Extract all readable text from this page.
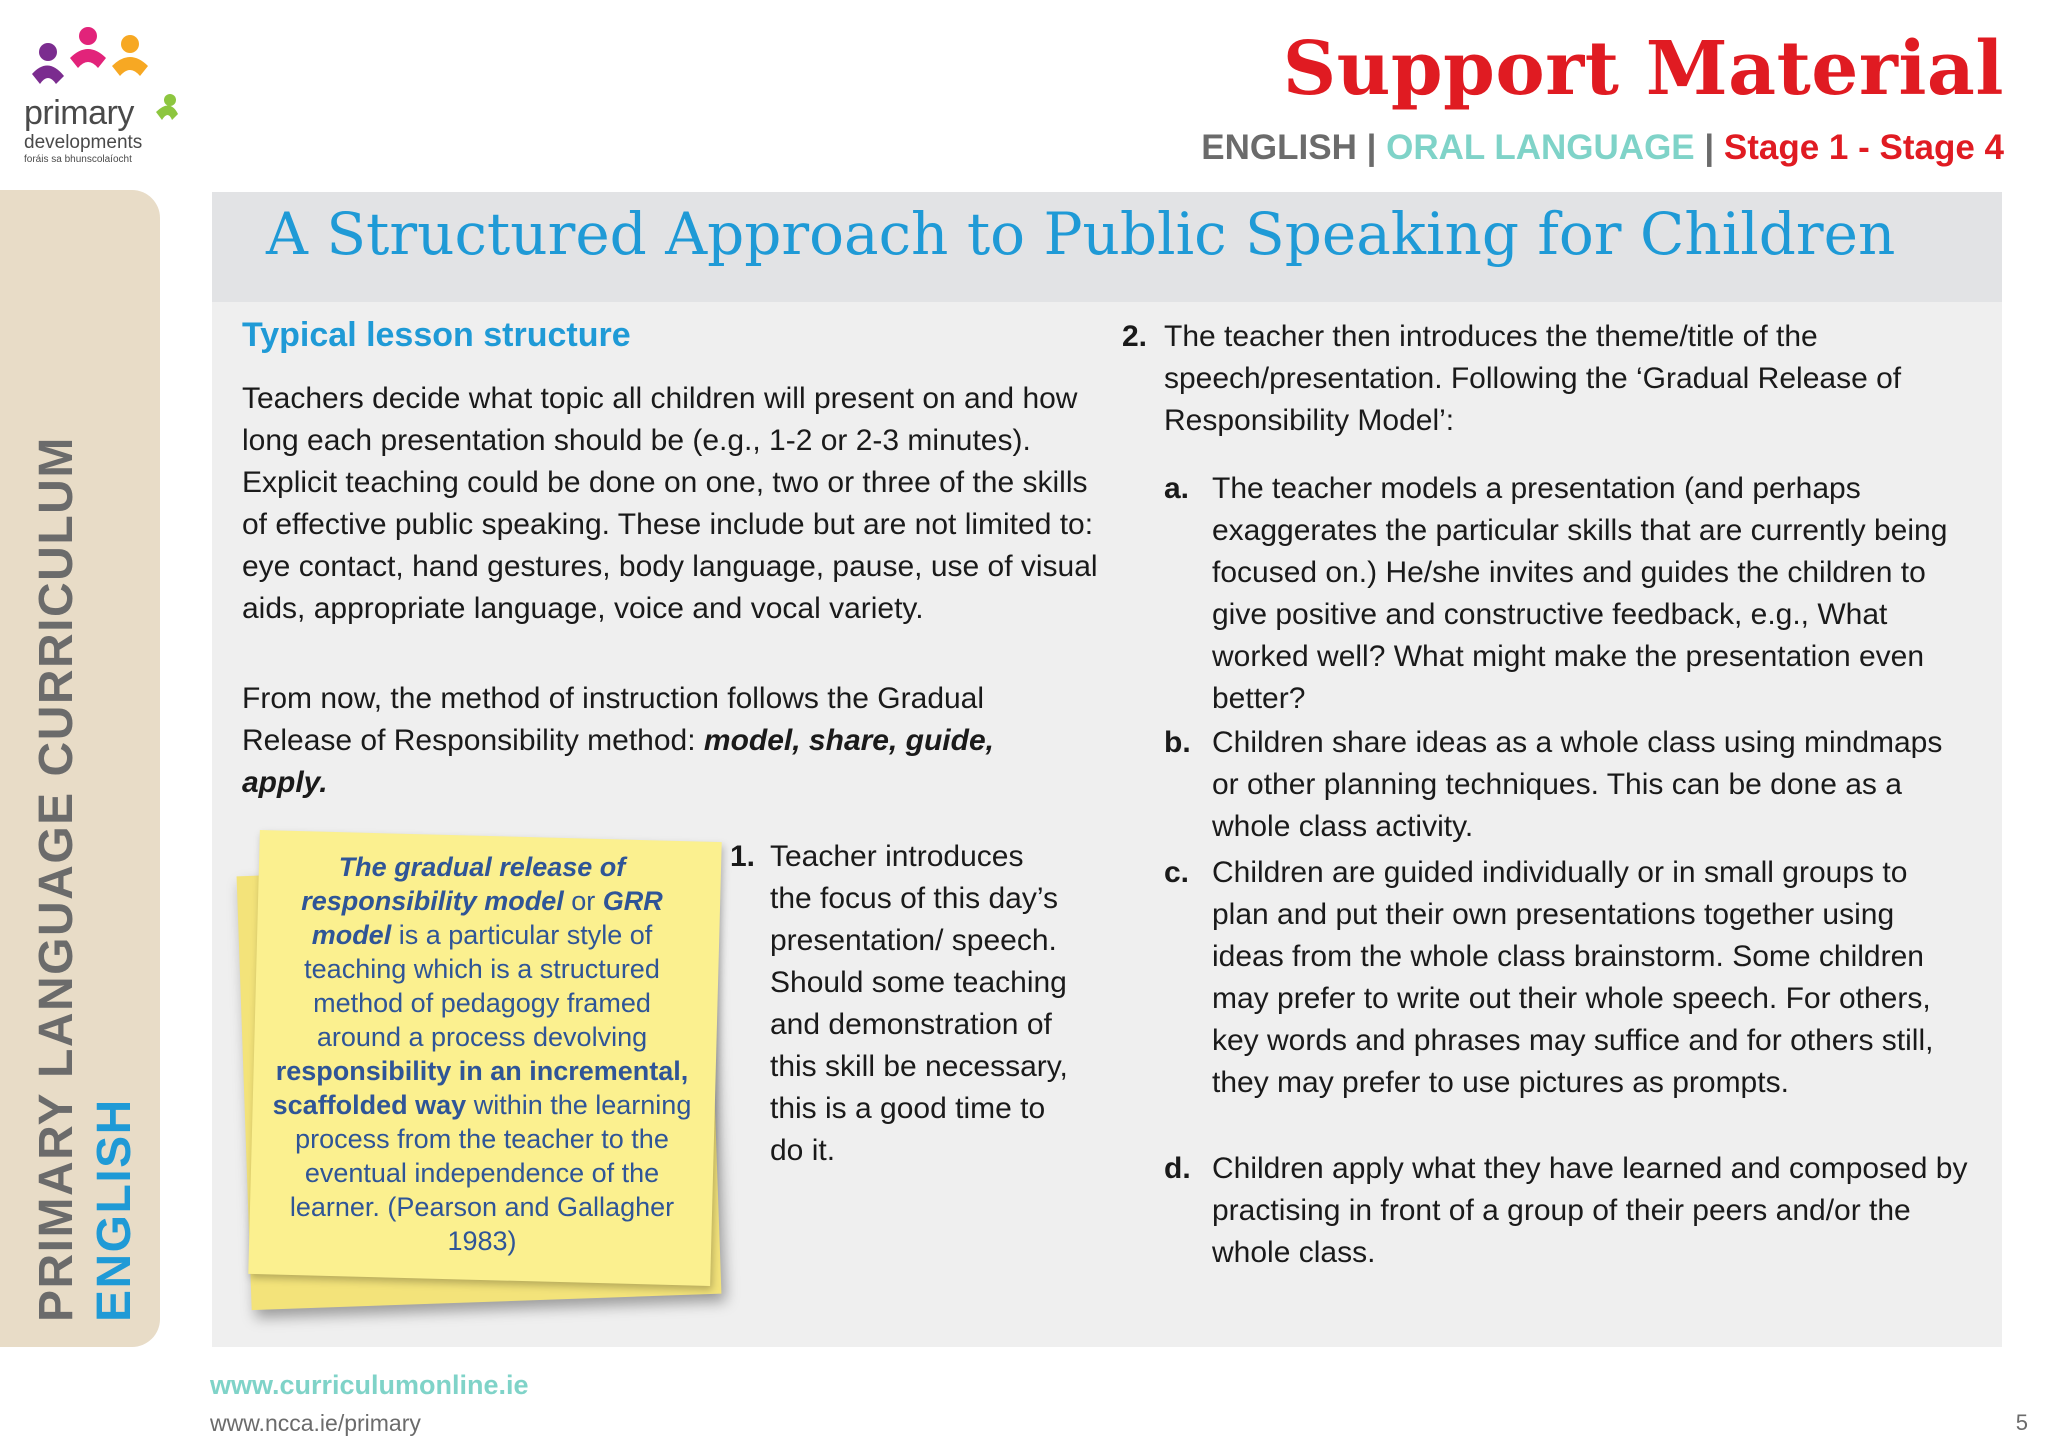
primary
developments
foráis sa bhunscolaíocht
Support Material
ENGLISH | ORAL LANGUAGE | Stage 1 - Stage 4
PRIMARY LANGUAGE CURRICULUM ENGLISH
A Structured Approach to Public Speaking for Children
Typical lesson structure
Teachers decide what topic all children will present on and how long each presentation should be (e.g., 1-2 or 2-3 minutes). Explicit teaching could be done on one, two or three of the skills of effective public speaking. These include but are not limited to: eye contact, hand gestures, body language, pause, use of visual aids, appropriate language, voice and vocal variety.
From now, the method of instruction follows the Gradual Release of Responsibility method: model, share, guide, apply.
The gradual release of responsibility model or GRR model is a particular style of teaching which is a structured method of pedagogy framed around a process devolving responsibility in an incremental, scaffolded way within the learning process from the teacher to the eventual independence of the learner. (Pearson and Gallagher 1983)
1. Teacher introduces the focus of this day’s presentation/ speech. Should some teaching and demonstration of this skill be necessary, this is a good time to do it.
2. The teacher then introduces the theme/title of the speech/presentation. Following the ‘Gradual Release of Responsibility Model’:
a. The teacher models a presentation (and perhaps exaggerates the particular skills that are currently being focused on.) He/she invites and guides the children to give positive and constructive feedback, e.g., What worked well? What might make the presentation even better?
b. Children share ideas as a whole class using mindmaps or other planning techniques. This can be done as a whole class activity.
c. Children are guided individually or in small groups to plan and put their own presentations together using ideas from the whole class brainstorm. Some children may prefer to write out their whole speech. For others, key words and phrases may suffice and for others still, they may prefer to use pictures as prompts.
d. Children apply what they have learned and composed by practising in front of a group of their peers and/or the whole class.
www.curriculumonline.ie
www.ncca.ie/primary	5
